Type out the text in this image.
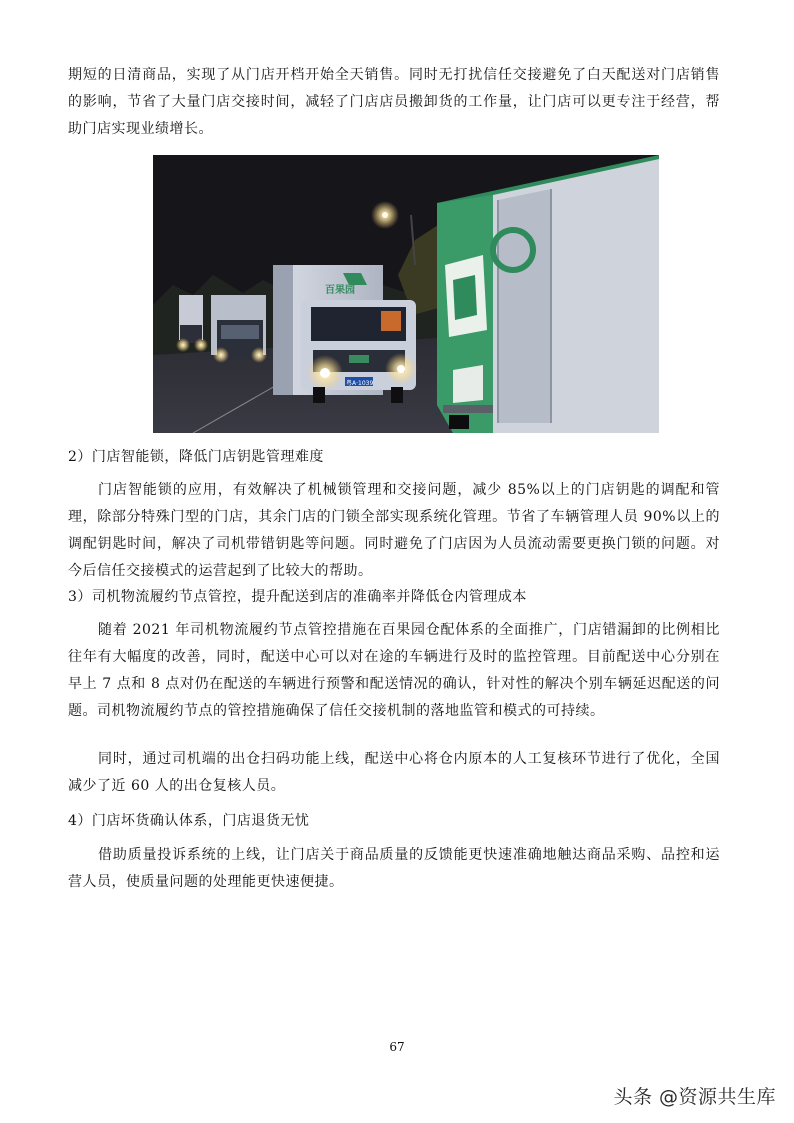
期短的日清商品，实现了从门店开档开始全天销售。同时无打扰信任交接避免了白天配送对门店销售的影响，节省了大量门店交接时间，减轻了门店店员搬卸货的工作量，让门店可以更专注于经营，帮助门店实现业绩增长。

百果园
粤A·1039

2）门店智能锁，降低门店钥匙管理难度

门店智能锁的应用，有效解决了机械锁管理和交接问题，减少 85%以上的门店钥匙的调配和管理，除部分特殊门型的门店，其余门店的门锁全部实现系统化管理。节省了车辆管理人员 90%以上的调配钥匙时间，解决了司机带错钥匙等问题。同时避免了门店因为人员流动需要更换门锁的问题。对今后信任交接模式的运营起到了比较大的帮助。

3）司机物流履约节点管控，提升配送到店的准确率并降低仓内管理成本

随着 2021 年司机物流履约节点管控措施在百果园仓配体系的全面推广，门店错漏卸的比例相比往年有大幅度的改善，同时，配送中心可以对在途的车辆进行及时的监控管理。目前配送中心分别在早上 7 点和 8 点对仍在配送的车辆进行预警和配送情况的确认，针对性的解决个别车辆延迟配送的问题。司机物流履约节点的管控措施确保了信任交接机制的落地监管和模式的可持续。

同时，通过司机端的出仓扫码功能上线，配送中心将仓内原本的人工复核环节进行了优化，全国减少了近 60 人的出仓复核人员。

4）门店坏货确认体系，门店退货无忧

借助质量投诉系统的上线，让门店关于商品质量的反馈能更快速准确地触达商品采购、品控和运营人员，使质量问题的处理能更快速便捷。

67
头条 @资源共生库
